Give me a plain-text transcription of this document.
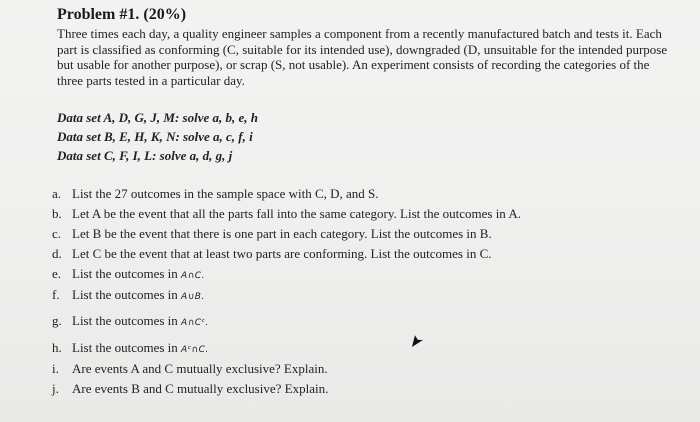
Problem #1. (20%)
Three times each day, a quality engineer samples a component from a recently manufactured batch and tests it. Each part is classified as conforming (C, suitable for its intended use), downgraded (D, unsuitable for the intended purpose but usable for another purpose), or scrap (S, not usable). An experiment consists of recording the categories of the three parts tested in a particular day.
Data set A, D, G, J, M: solve a, b, e, h
Data set B, E, H, K, N: solve a, c, f, i
Data set C, F, I, L: solve a, d, g, j
a. List the 27 outcomes in the sample space with C, D, and S.
b. Let A be the event that all the parts fall into the same category. List the outcomes in A.
c. Let B be the event that there is one part in each category. List the outcomes in B.
d. Let C be the event that at least two parts are conforming. List the outcomes in C.
e. List the outcomes in A∩C.
f. List the outcomes in A∪B.
g. List the outcomes in A∩Cᶜ.
h. List the outcomes in Aᶜ∩C.
i. Are events A and C mutually exclusive? Explain.
j. Are events B and C mutually exclusive? Explain.
